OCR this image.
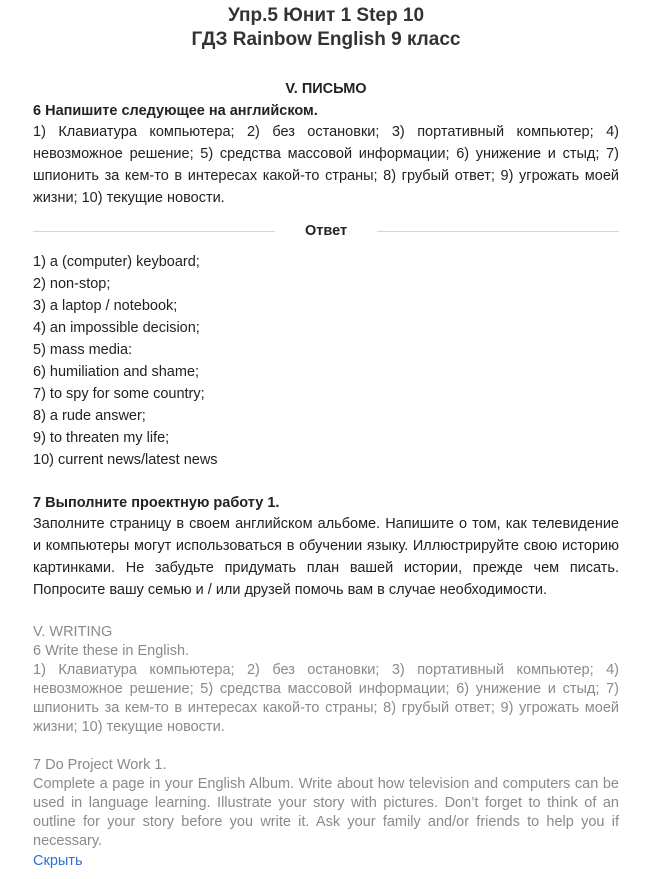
Упр.5 Юнит 1 Step 10
ГДЗ Rainbow English 9 класс
V. ПИСЬМО
6 Напишите следующее на английском.
1) Клавиатура компьютера; 2) без остановки; 3) портативный компьютер; 4) невозможное решение; 5) средства массовой информации; 6) унижение и стыд; 7) шпионить за кем-то в интересах какой-то страны; 8) грубый ответ; 9) угрожать моей жизни; 10) текущие новости.
Ответ
1) a (computer) keyboard;
2) non-stop;
3) a laptop / notebook;
4) an impossible decision;
5) mass media:
6) humiliation and shame;
7) to spy for some country;
8) a rude answer;
9) to threaten my life;
10) current news/latest news
7 Выполните проектную работу 1.
Заполните страницу в своем английском альбоме. Напишите о том, как телевидение и компьютеры могут использоваться в обучении языку. Иллюстрируйте свою историю картинками. Не забудьте придумать план вашей истории, прежде чем писать. Попросите вашу семью и / или друзей помочь вам в случае необходимости.
V. WRITING
6 Write these in English.
1) Клавиатура компьютера; 2) без остановки; 3) портативный компьютер; 4) невозможное решение; 5) средства массовой информации; 6) унижение и стыд; 7) шпионить за кем-то в интересах какой-то страны; 8) грубый ответ; 9) угрожать моей жизни; 10) текущие новости.
7 Do Project Work 1.
Complete a page in your English Album. Write about how television and computers can be used in language learning. Illustrate your story with pictures. Don’t forget to think of an outline for your story before you write it. Ask your family and/or friends to help you if necessary.
Скрыть
